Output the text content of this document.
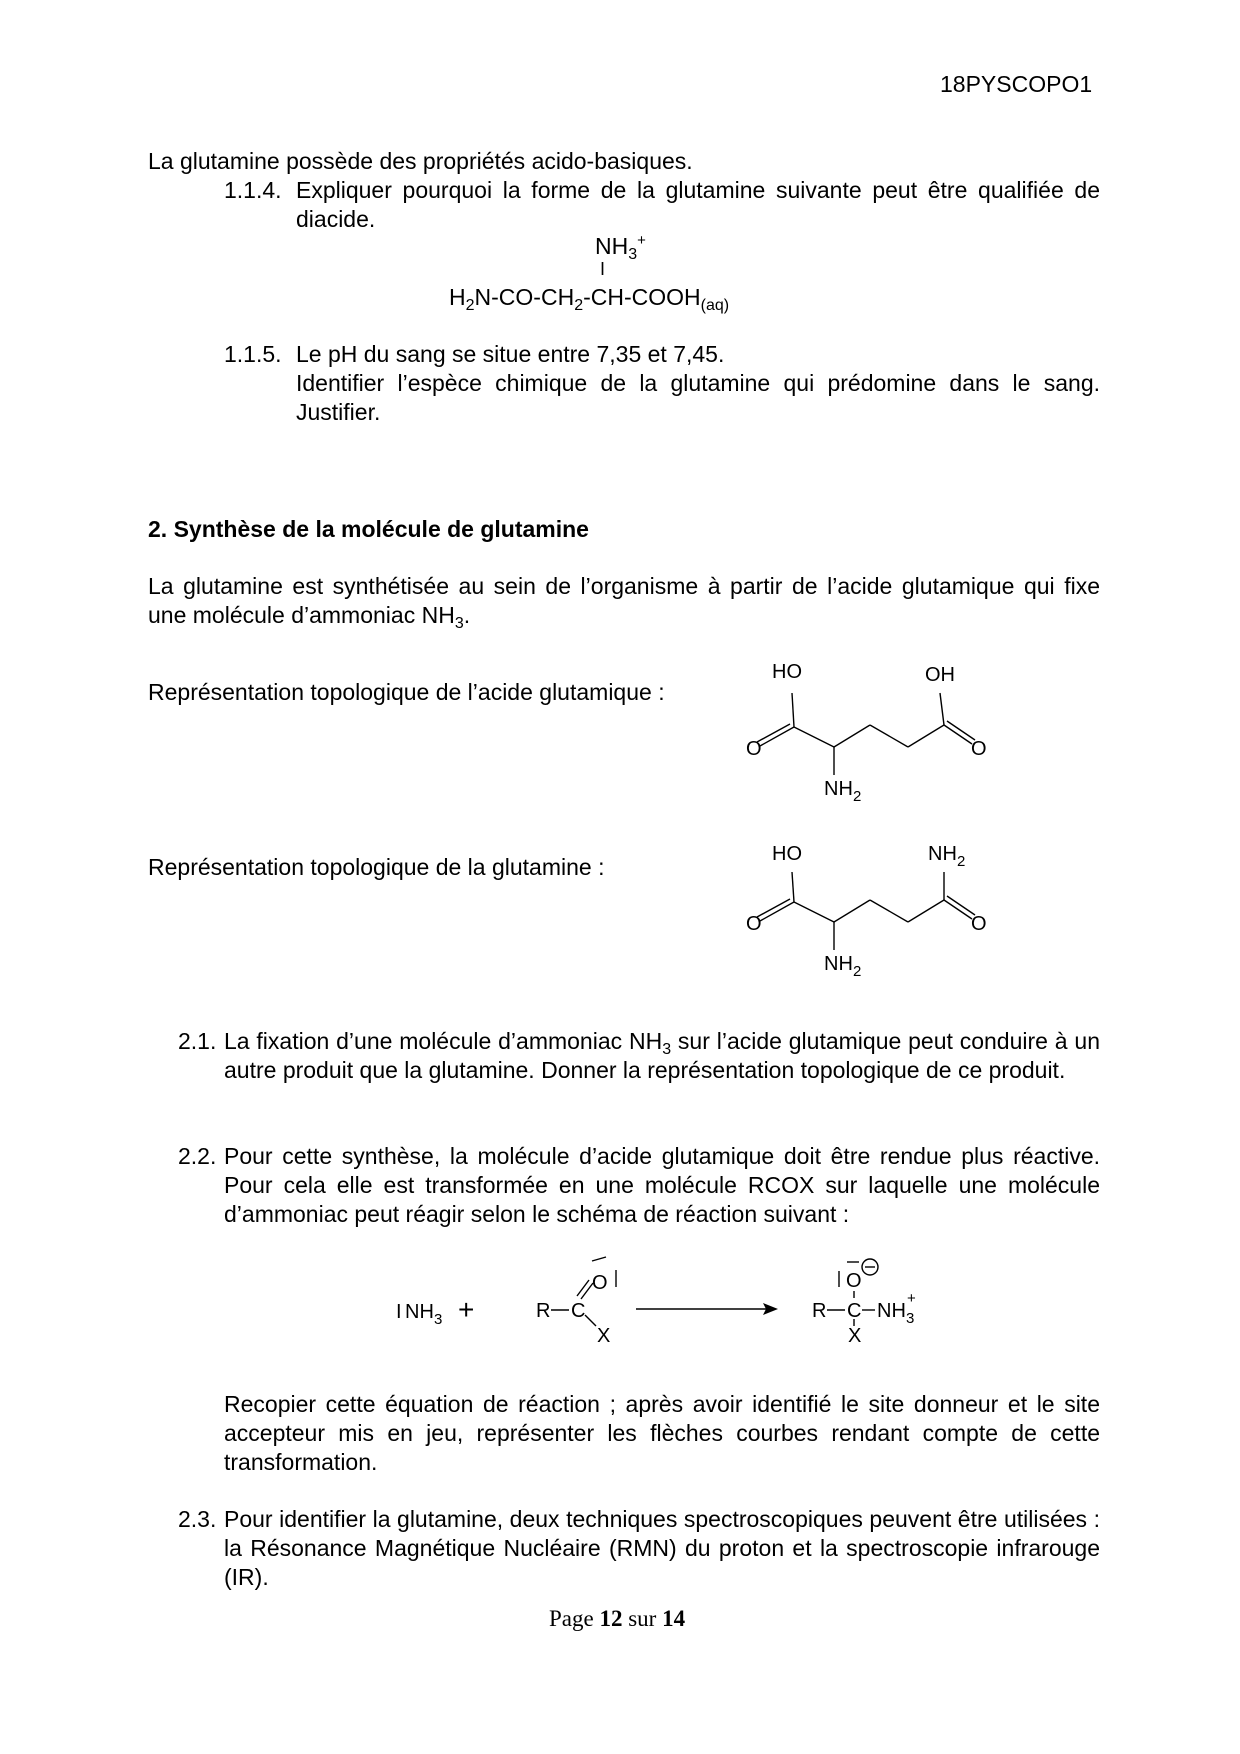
18PYSCOPO1
La glutamine possède des propriétés acido-basiques.
1.1.4. Expliquer pourquoi la forme de la glutamine suivante peut être qualifiée de diacide.
$NH_3^+$
I
$H_2N-CO-CH_2-CH-COOH_{(aq)}$
1.1.5. Le pH du sang se situe entre 7,35 et 7,45.
Identifier l’espèce chimique de la glutamine qui prédomine dans le sang. Justifier.
2. Synthèse de la molécule de glutamine
La glutamine est synthétisée au sein de l’organisme à partir de l’acide glutamique qui fixe une molécule d’ammoniac $NH_3$.
Représentation topologique de l’acide glutamique :
HO	OH
O	O
NH 2
Représentation topologique de la glutamine :	HO	NH 2
O	O
NH 2
2.1. La fixation d’une molécule d’ammoniac $NH_3$ sur l’acide glutamique peut conduire à un autre produit que la glutamine. Donner la représentation topologique de ce produit.
2.2. Pour cette synthèse, la molécule d’acide glutamique doit être rendue plus réactive. Pour cela elle est transformée en une molécule RCOX sur laquelle une molécule d’ammoniac peut réagir selon le schéma de réaction suivant :
I NH 3 +	R C
O
X
R C
O
NH 3
+
X
−
Recopier cette équation de réaction ; après avoir identifié le site donneur et le site accepteur mis en jeu, représenter les flèches courbes rendant compte de cette transformation.
2.3. Pour identifier la glutamine, deux techniques spectroscopiques peuvent être utilisées : la Résonance Magnétique Nucléaire (RMN) du proton et la spectroscopie infrarouge (IR).
Page 12 sur 14
